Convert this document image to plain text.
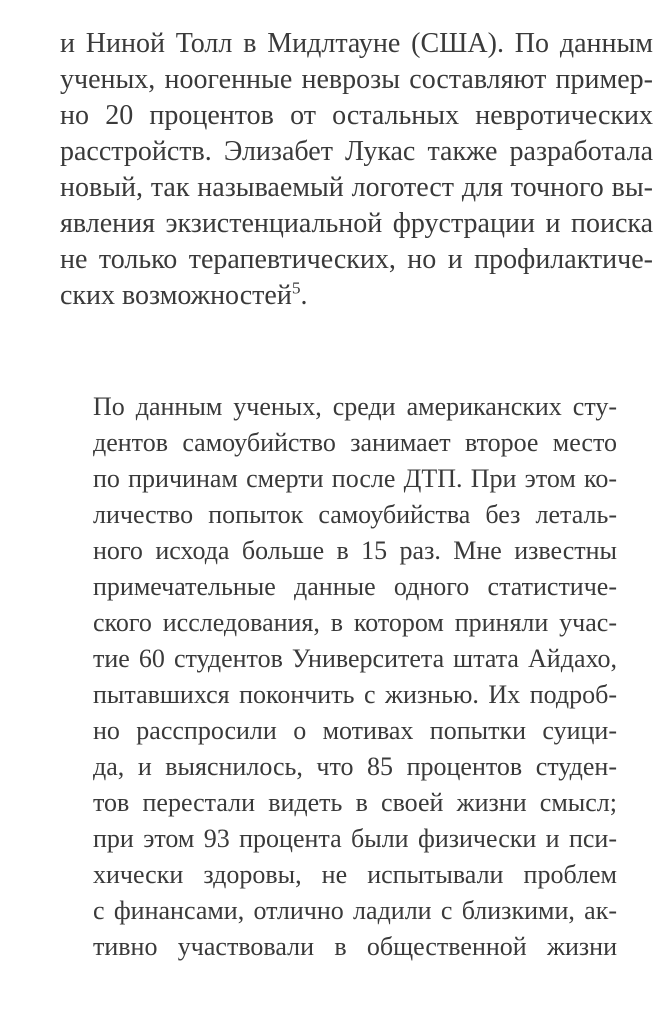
и Ниной Толл в Мидлтауне (США). По данным
ученых, ноогенные неврозы составляют пример-
но 20 процентов от остальных невротических
расстройств. Элизабет Лукас также разработала
новый, так называемый логотест для точного вы-
явления экзистенциальной фрустрации и поиска
не только терапевтических, но и профилактиче-
ских возможностей$^5$.
По данным ученых, среди американских сту-
дентов самоубийство занимает второе место
по причинам смерти после ДТП. При этом ко-
личество попыток самоубийства без леталь-
ного исхода больше в 15 раз. Мне известны
примечательные данные одного статистиче-
ского исследования, в котором приняли учас-
тие 60 студентов Университета штата Айдахо,
пытавшихся покончить с жизнью. Их подроб-
но расспросили о мотивах попытки суици-
да, и выяснилось, что 85 процентов студен-
тов перестали видеть в своей жизни смысл;
при этом 93 процента были физически и пси-
хически здоровы, не испытывали проблем
с финансами, отлично ладили с близкими, ак-
тивно участвовали в общественной жизни
